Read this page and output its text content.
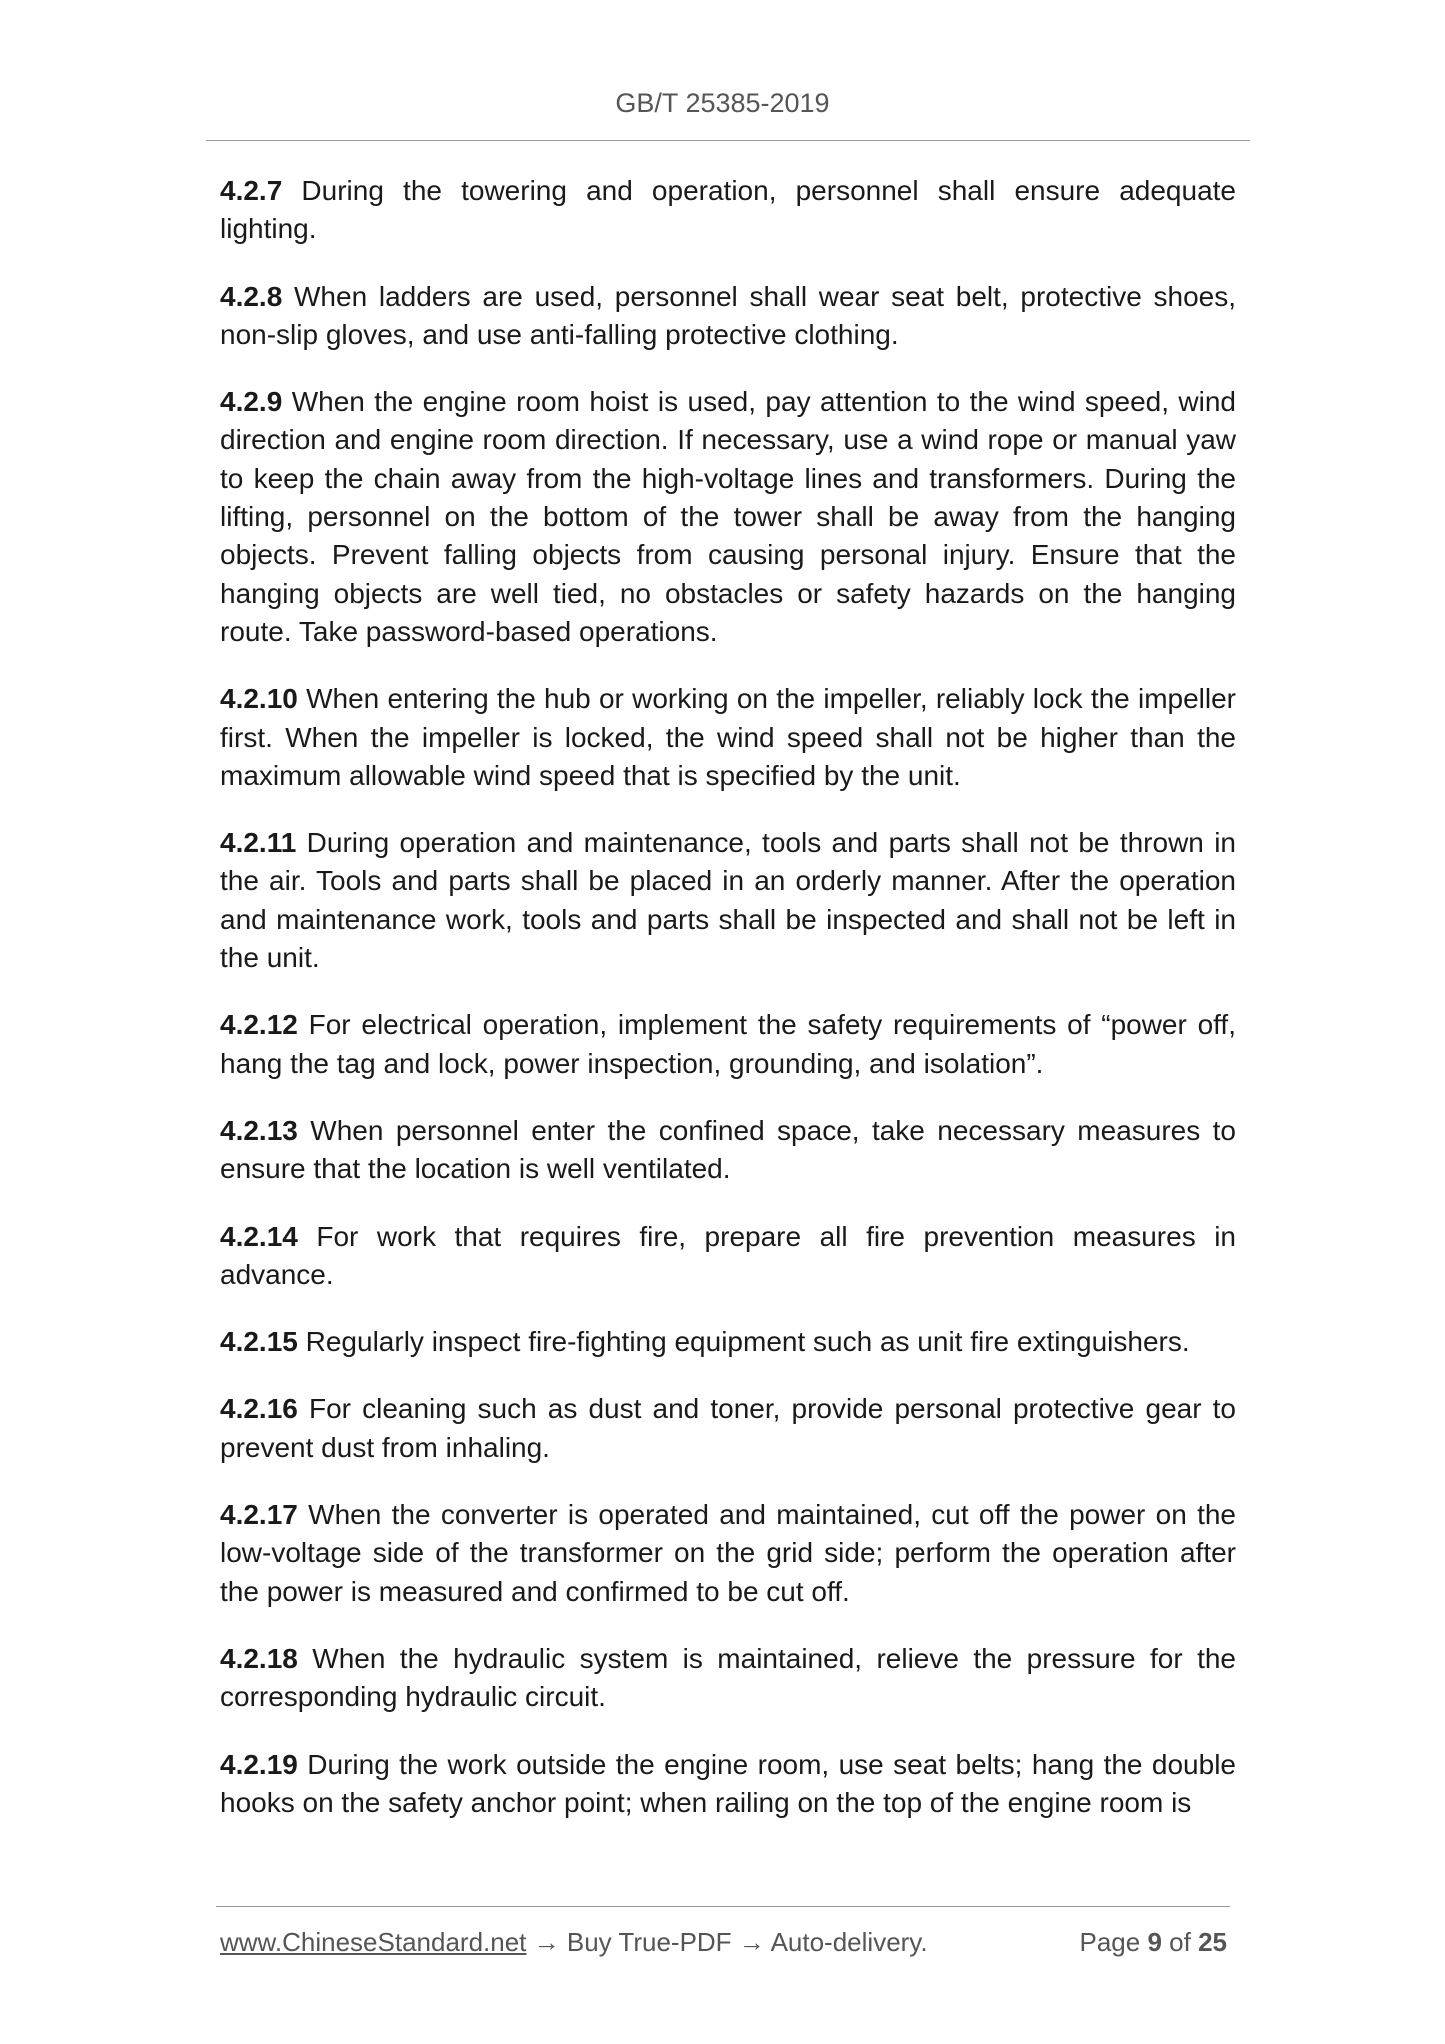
GB/T 25385-2019

4.2.7 During the towering and operation, personnel shall ensure adequate lighting.

4.2.8 When ladders are used, personnel shall wear seat belt, protective shoes, non-slip gloves, and use anti-falling protective clothing.

4.2.9 When the engine room hoist is used, pay attention to the wind speed, wind direction and engine room direction. If necessary, use a wind rope or manual yaw to keep the chain away from the high-voltage lines and transformers. During the lifting, personnel on the bottom of the tower shall be away from the hanging objects. Prevent falling objects from causing personal injury. Ensure that the hanging objects are well tied, no obstacles or safety hazards on the hanging route. Take password-based operations.

4.2.10 When entering the hub or working on the impeller, reliably lock the impeller first. When the impeller is locked, the wind speed shall not be higher than the maximum allowable wind speed that is specified by the unit.

4.2.11 During operation and maintenance, tools and parts shall not be thrown in the air. Tools and parts shall be placed in an orderly manner. After the operation and maintenance work, tools and parts shall be inspected and shall not be left in the unit.

4.2.12 For electrical operation, implement the safety requirements of “power off, hang the tag and lock, power inspection, grounding, and isolation”.

4.2.13 When personnel enter the confined space, take necessary measures to ensure that the location is well ventilated.

4.2.14 For work that requires fire, prepare all fire prevention measures in advance.

4.2.15 Regularly inspect fire-fighting equipment such as unit fire extinguishers.

4.2.16 For cleaning such as dust and toner, provide personal protective gear to prevent dust from inhaling.

4.2.17 When the converter is operated and maintained, cut off the power on the low-voltage side of the transformer on the grid side; perform the operation after the power is measured and confirmed to be cut off.

4.2.18 When the hydraulic system is maintained, relieve the pressure for the corresponding hydraulic circuit.

4.2.19 During the work outside the engine room, use seat belts; hang the double hooks on the safety anchor point; when railing on the top of the engine room is

www.ChineseStandard.net → Buy True-PDF → Auto-delivery.	Page 9 of 25
